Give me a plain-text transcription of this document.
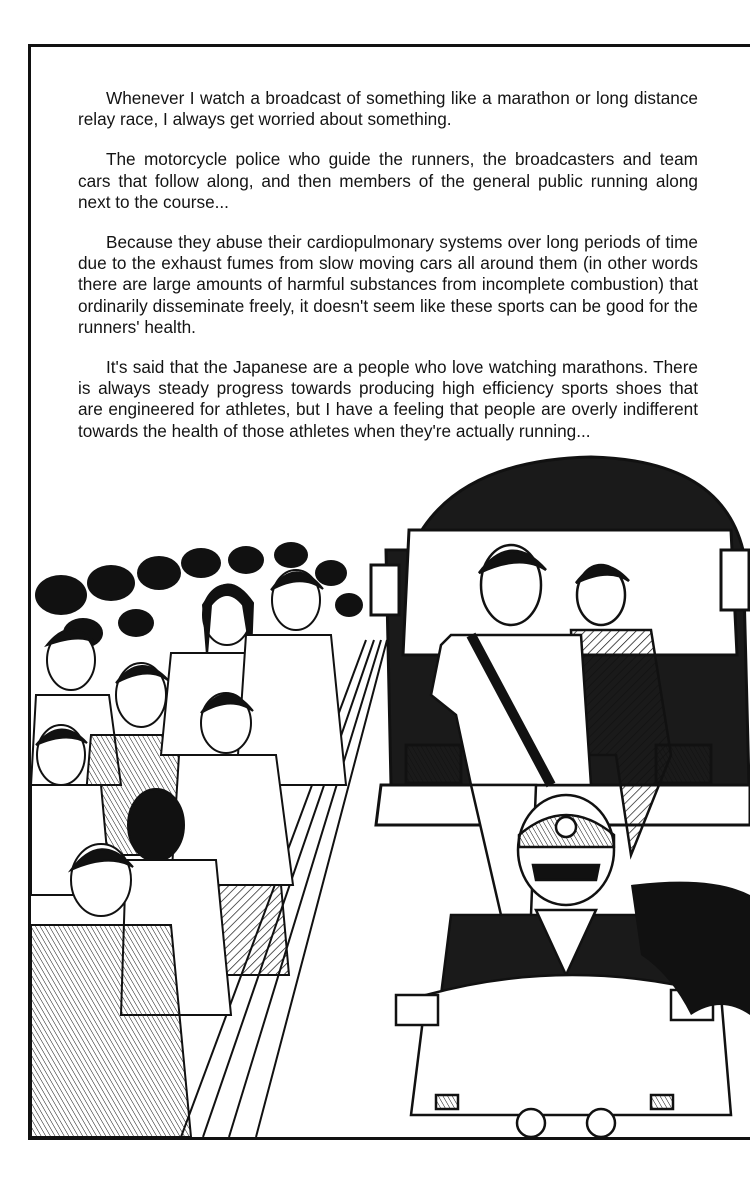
Whenever I watch a broadcast of something like a marathon or long distance relay race, I always get worried about something.

The motorcycle police who guide the runners, the broadcasters and team cars that follow along, and then members of the general public running along next to the course...

Because they abuse their cardiopulmonary systems over long periods of time due to the exhaust fumes from slow moving cars all around them (in other words there are large amounts of harmful substances from incomplete combustion) that ordinarily disseminate freely, it doesn't seem like these sports can be good for the runners' health.

It's said that the Japanese are a people who love watching marathons. There is always steady progress towards producing high efficiency sports shoes that are engineered for athletes, but I have a feeling that people are overly indifferent towards the health of those athletes when they're actually running...
